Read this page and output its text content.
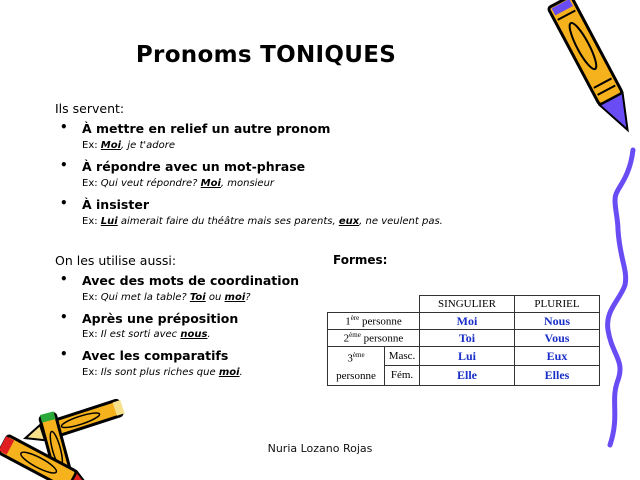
Pronoms TONIQUES
Ils servent:
• À mettre en relief un autre pronom
Ex: Moi, je t'adore
• À répondre avec un mot-phrase
Ex: Qui veut répondre? Moi, monsieur
• À insister
Ex: Lui aimerait faire du théâtre mais ses parents, eux, ne veulent pas.
On les utilise aussi:
• Avec des mots de coordination
Ex: Qui met la table? Toi ou moi?
• Après une préposition
Ex: Il est sorti avec nous.
• Avec les comparatifs
Ex: Ils sont plus riches que moi.
Formes:
		SINGULIER	PLURIEL
1ère personne		Moi	Nous
2ème personne		Toi	Vous
3ème
personne	Masc.	Lui	Eux
	Fém.	Elle	Elles
Nuria Lozano Rojas
